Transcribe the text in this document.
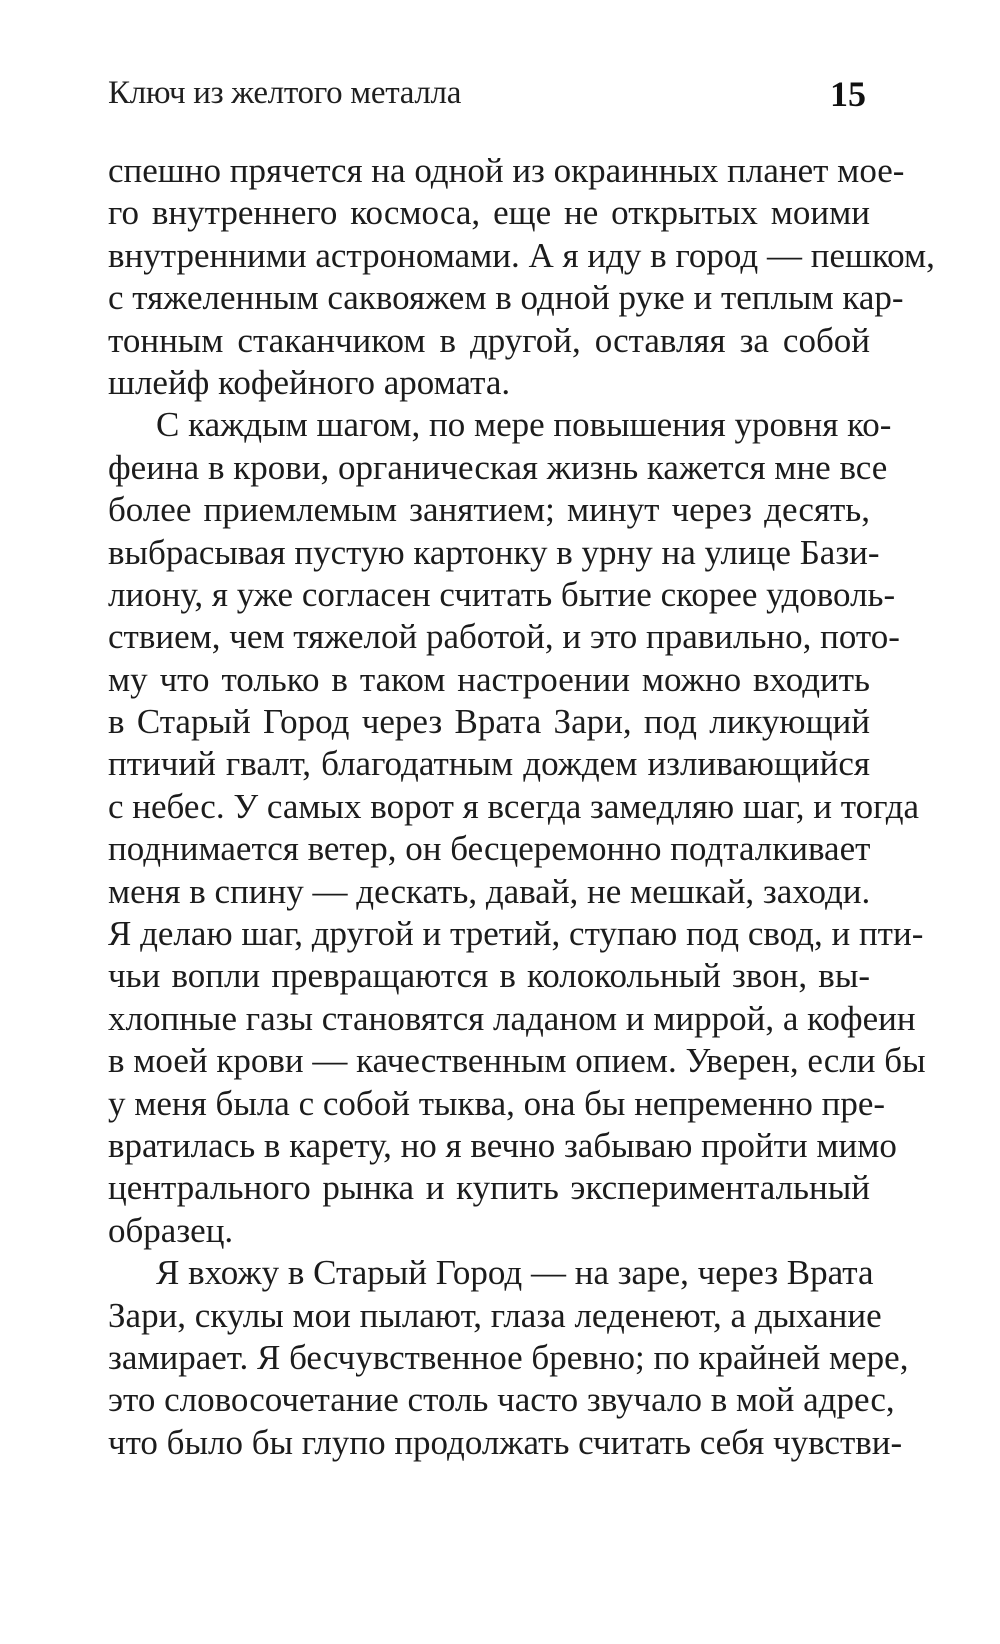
Ключ из желтого металла	15
спешно прячется на одной из окраинных планет мое-
го внутреннего космоса, еще не открытых моими
внутренними астрономами. А я иду в город — пешком,
с тяжеленным саквояжем в одной руке и теплым кар-
тонным стаканчиком в другой, оставляя за собой
шлейф кофейного аромата.
С каждым шагом, по мере повышения уровня ко-
феина в крови, органическая жизнь кажется мне все
более приемлемым занятием; минут через десять,
выбрасывая пустую картонку в урну на улице Бази-
лиону, я уже согласен считать бытие скорее удоволь-
ствием, чем тяжелой работой, и это правильно, пото-
му что только в таком настроении можно входить
в Старый Город через Врата Зари, под ликующий
птичий гвалт, благодатным дождем изливающийся
с небес. У самых ворот я всегда замедляю шаг, и тогда
поднимается ветер, он бесцеремонно подталкивает
меня в спину — дескать, давай, не мешкай, заходи.
Я делаю шаг, другой и третий, ступаю под свод, и пти-
чьи вопли превращаются в колокольный звон, вы-
хлопные газы становятся ладаном и миррой, а кофеин
в моей крови — качественным опием. Уверен, если бы
у меня была с собой тыква, она бы непременно пре-
вратилась в карету, но я вечно забываю пройти мимо
центрального рынка и купить экспериментальный
образец.
Я вхожу в Старый Город — на заре, через Врата
Зари, скулы мои пылают, глаза леденеют, а дыхание
замирает. Я бесчувственное бревно; по крайней мере,
это словосочетание столь часто звучало в мой адрес,
что было бы глупо продолжать считать себя чувстви-
